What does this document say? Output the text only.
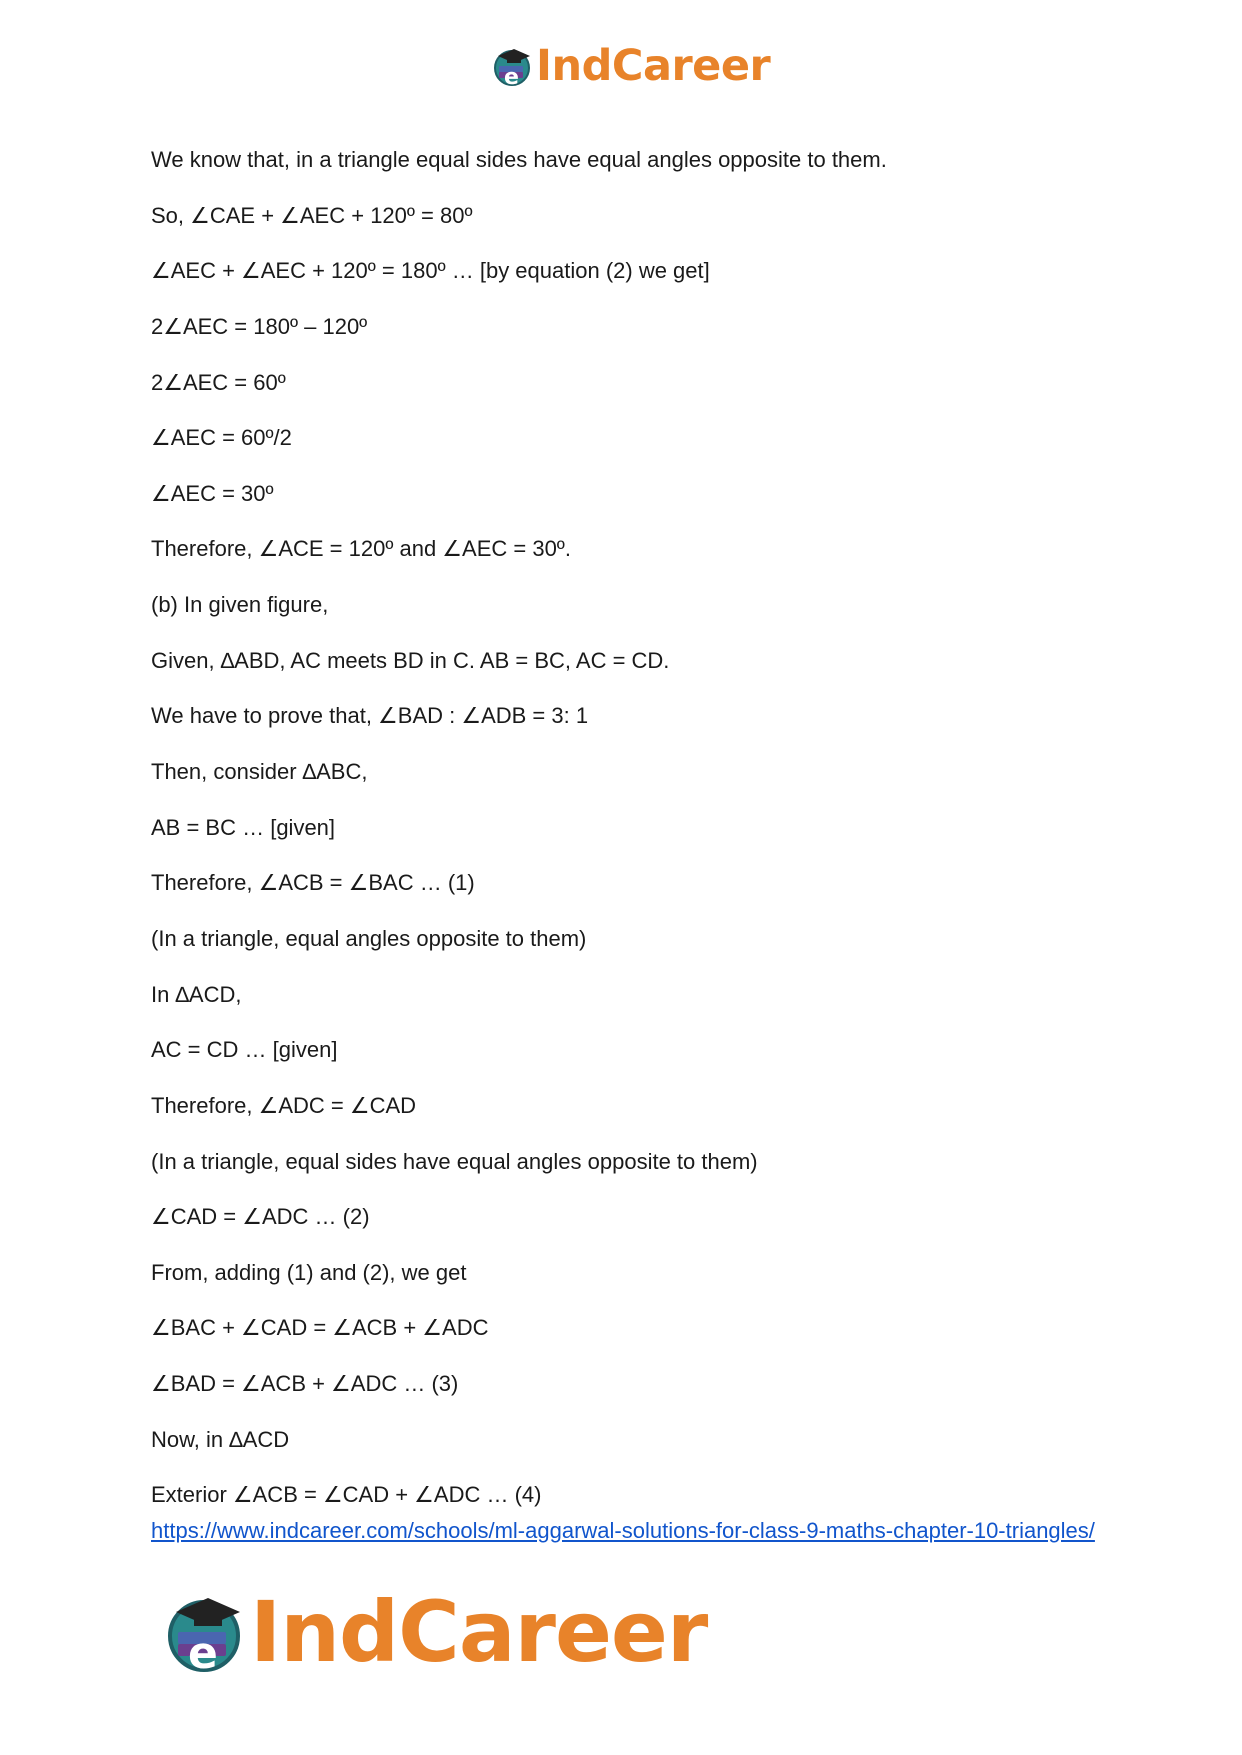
e IndCareer

We know that, in a triangle equal sides have equal angles opposite to them.

So, ∠CAE + ∠AEC + 120º = 80º

∠AEC + ∠AEC + 120º = 180º … [by equation (2) we get]

2∠AEC = 180º – 120º

2∠AEC = 60º

∠AEC = 60º/2

∠AEC = 30º

Therefore, ∠ACE = 120º and ∠AEC = 30º.

(b) In given figure,

Given, ∆ABD, AC meets BD in C. AB = BC, AC = CD.

We have to prove that, ∠BAD : ∠ADB = 3: 1

Then, consider ∆ABC,

AB = BC … [given]

Therefore, ∠ACB = ∠BAC … (1)

(In a triangle, equal angles opposite to them)

In ∆ACD,

AC = CD … [given]

Therefore, ∠ADC = ∠CAD

(In a triangle, equal sides have equal angles opposite to them)

∠CAD = ∠ADC … (2)

From, adding (1) and (2), we get

∠BAC + ∠CAD = ∠ACB + ∠ADC

∠BAD = ∠ACB + ∠ADC … (3)

Now, in ∆ACD

Exterior ∠ACB = ∠CAD + ∠ADC … (4)

https://www.indcareer.com/schools/ml-aggarwal-solutions-for-class-9-maths-chapter-10-triangles/
e IndCareer
